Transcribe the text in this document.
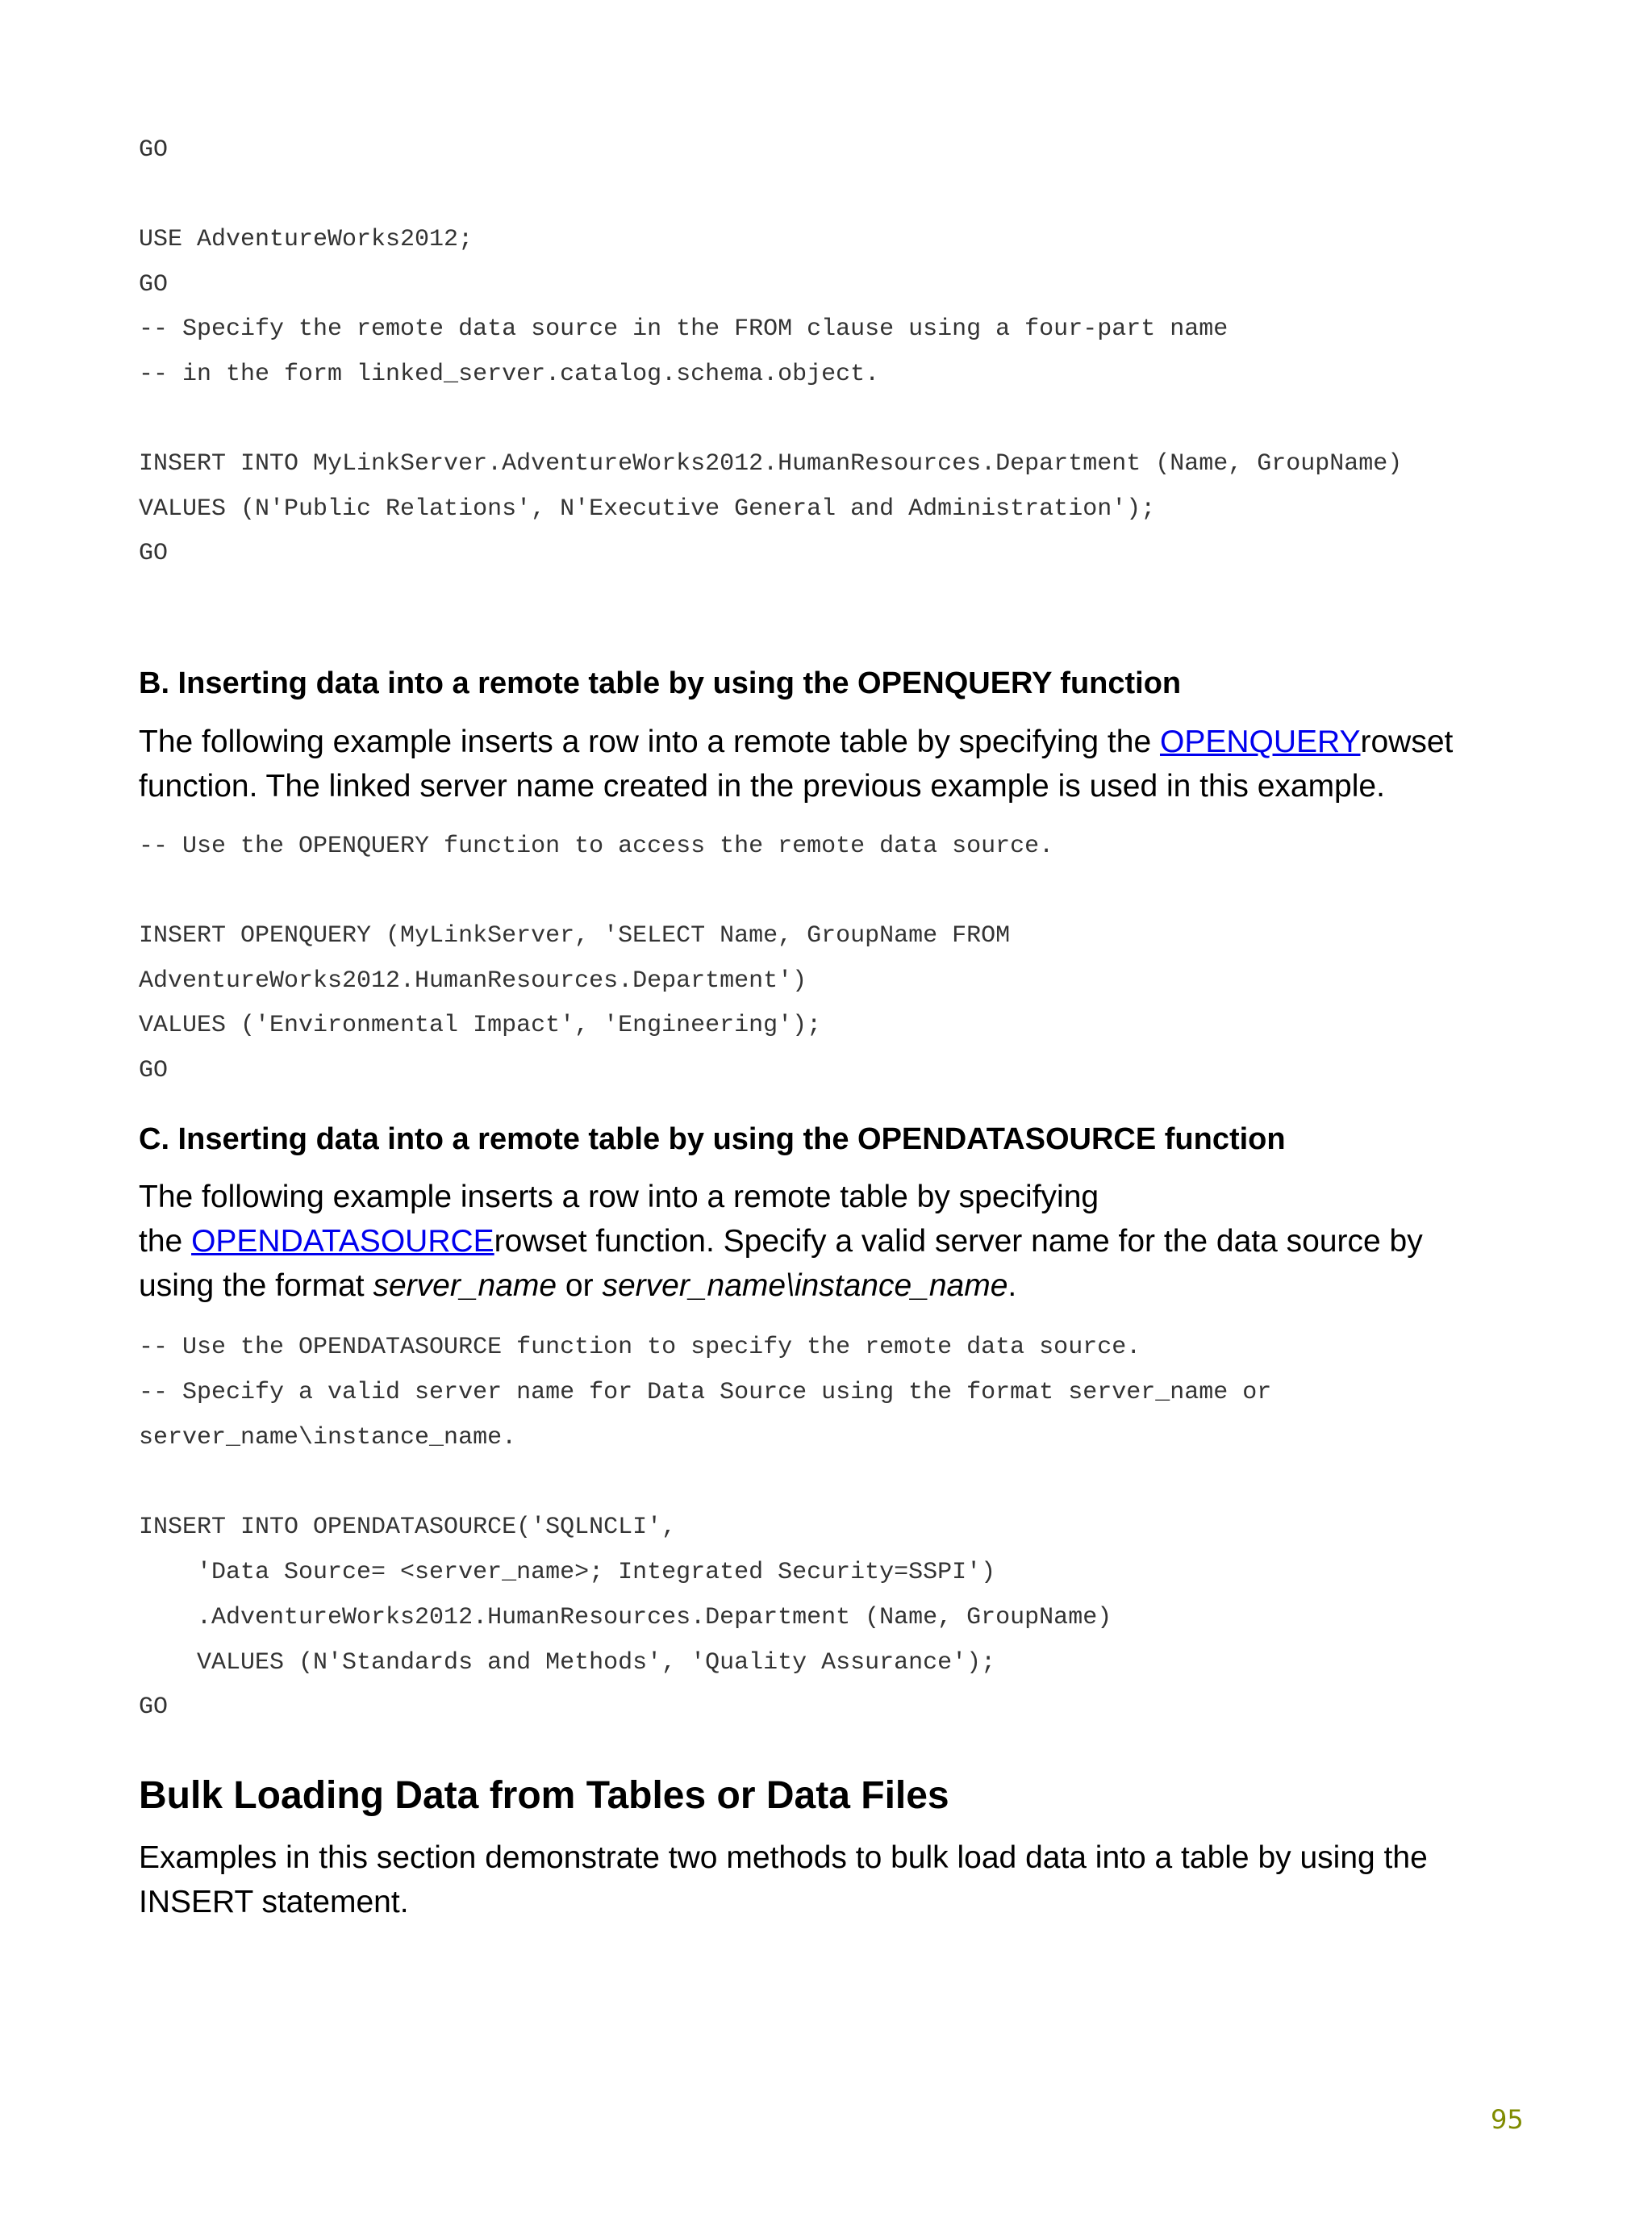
GO

USE AdventureWorks2012;
GO
-- Specify the remote data source in the FROM clause using a four-part name
-- in the form linked_server.catalog.schema.object.

INSERT INTO MyLinkServer.AdventureWorks2012.HumanResources.Department (Name, GroupName)
VALUES (N'Public Relations', N'Executive General and Administration');
GO
B. Inserting data into a remote table by using the OPENQUERY function
The following example inserts a row into a remote table by specifying the OPENQUERYrowset
function. The linked server name created in the previous example is used in this example.
-- Use the OPENQUERY function to access the remote data source.

INSERT OPENQUERY (MyLinkServer, 'SELECT Name, GroupName FROM
AdventureWorks2012.HumanResources.Department')
VALUES ('Environmental Impact', 'Engineering');
GO
C. Inserting data into a remote table by using the OPENDATASOURCE function
The following example inserts a row into a remote table by specifying
the OPENDATASOURCErowset function. Specify a valid server name for the data source by
using the format server_name or server_name\instance_name.
-- Use the OPENDATASOURCE function to specify the remote data source.
-- Specify a valid server name for Data Source using the format server_name or
server_name\instance_name.

INSERT INTO OPENDATASOURCE('SQLNCLI',
'Data Source= <server_name>; Integrated Security=SSPI')
.AdventureWorks2012.HumanResources.Department (Name, GroupName)
VALUES (N'Standards and Methods', 'Quality Assurance');
GO
Bulk Loading Data from Tables or Data Files
Examples in this section demonstrate two methods to bulk load data into a table by using the
INSERT statement.
95
